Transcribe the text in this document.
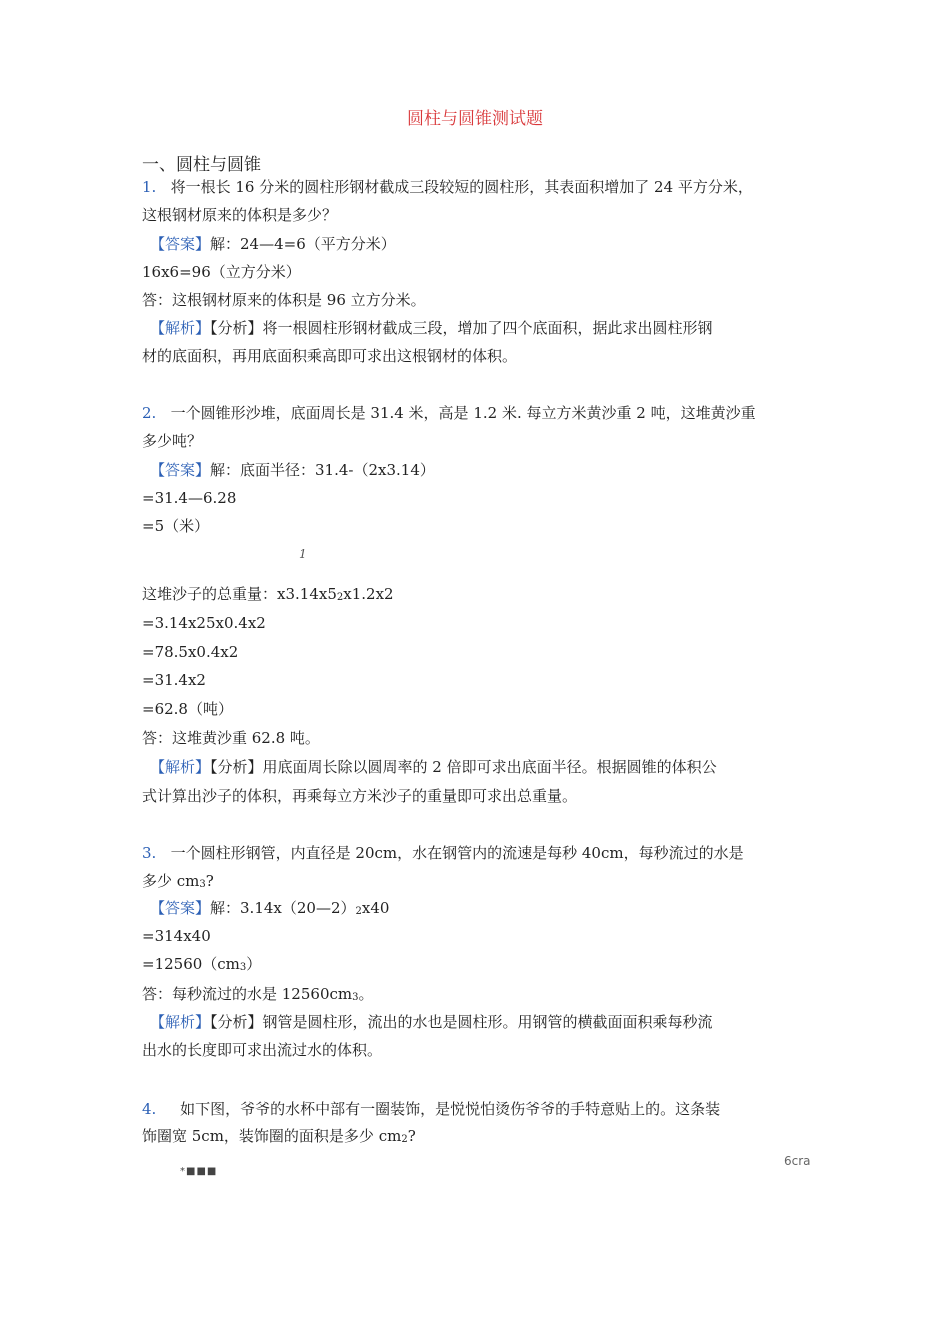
圆柱与圆锥测试题
一、圆柱与圆锥
1. 将一根长 16 分米的圆柱形钢材截成三段较短的圆柱形，其表面积增加了 24 平方分米，
这根钢材原来的体积是多少？
【答案】解：24—4=6（平方分米）
16x6=96（立方分米）
答：这根钢材原来的体积是 96 立方分米。
【解析】【分析】将一根圆柱形钢材截成三段，增加了四个底面积，据此求出圆柱形钢
材的底面积，再用底面积乘高即可求出这根钢材的体积。
2. 一个圆锥形沙堆，底面周长是 31.4 米，高是 1.2 米. 每立方米黄沙重 2 吨，这堆黄沙重
多少吨？
【答案】解：底面半径：31.4-（2x3.14）
=31.4—6.28
=5（米）
1
这堆沙子的总重量：x3.14x52x1.2x2
=3.14x25x0.4x2
=78.5x0.4x2
=31.4x2
=62.8（吨）
答：这堆黄沙重 62.8 吨。
【解析】【分析】用底面周长除以圆周率的 2 倍即可求出底面半径。根据圆锥的体积公
式计算出沙子的体积，再乘每立方米沙子的重量即可求出总重量。
3. 一个圆柱形钢管，内直径是 20cm，水在钢管内的流速是每秒 40cm，每秒流过的水是
多少 cm3?
【答案】解：3.14x（20—2）2x40
=314x40
=12560（cm3）
答：每秒流过的水是 12560cm3。
【解析】【分析】钢管是圆柱形，流出的水也是圆柱形。用钢管的横截面面积乘每秒流
出水的长度即可求出流过水的体积。
4. 如下图，爷爷的水杯中部有一圈装饰，是悦悦怕烫伤爷爷的手特意贴上的。这条装
饰圈宽 5cm，装饰圈的面积是多少 cm2?
6cra
*■■■
